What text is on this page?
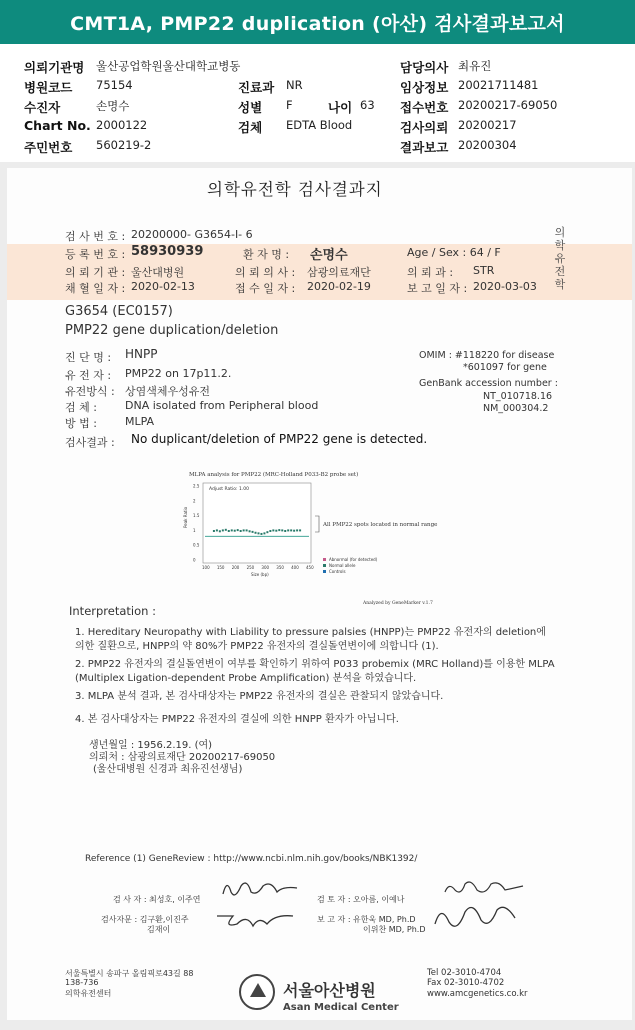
CMT1A, PMP22 duplication (아산) 검사결과보고서
의뢰기관명 울산공업학원울산대학교병동	담당의사 최유진
병원코드 75154	진료과 NR	임상정보 20021711481
수진자	손명수	성별 F	나이 63 접수번호 20200217-69050
Chart No. 2000122	검체 EDTA Blood	검사의뢰 20200217
주민번호 560219-2	결과보고 20200304
의학유전학 검사결과지
의학유전학
검 사 번 호 : 20200000- G3654-I- 6
등 록 번 호 : 58930939	환 자 명 : 손명수	Age / Sex : 64 / F
의 뢰 기 관 : 울산대병원	의 뢰 의 사 : 삼광의료재단	의 뢰 과 : STR
채 혈 일 자 : 2020-02-13	접 수 일 자 : 2020-02-19	보 고 일 자 : 2020-03-03
G3654 (EC0157)
PMP22 gene duplication/deletion
진 단 명 : HNPP
유 전 자 : PMP22 on 17p11.2.
유전방식 : 상염색체우성유전
검 체 :	DNA isolated from Peripheral blood
방 법 :	MLPA
OMIM : #118220 for disease
*601097 for gene
GenBank accession number :
NT_010718.16
NM_000304.2
검사결과 : No duplicant/deletion of PMP22 gene is detected.
MLPA analysis for PMP22 (MRC-Holland P033-B2 probe set)
Adjust Ratio: 1.00
2.5
2
1.5
1
0.5
0
100 150 200 250 300 350 400 450
Peak Ratio
Size (bp)
All PMP22 spots located in normal range
Abnormal (for detected)
Normal allele
Controls
Analyzed by GeneMarker v.1.7
Interpretation :
1. Hereditary Neuropathy with Liability to pressure palsies (HNPP)는 PMP22 유전자의 deletion에 의한 질환으로, HNPP의 약 80%가 PMP22 유전자의 결실돌연변이에 의합니다 (1).
2. PMP22 유전자의 결실돌연변이 여부를 확인하기 위하여 P033 probemix (MRC Holland)를 이용한 MLPA (Multiplex Ligation-dependent Probe Amplification) 분석을 하였습니다.
3. MLPA 분석 결과, 본 검사대상자는 PMP22 유전자의 결실은 관찰되지 않았습니다.
4. 본 검사대상자는 PMP22 유전자의 결실에 의한 HNPP 환자가 아닙니다.
생년월일 : 1956.2.19. (여)
의뢰처 : 삼광의료재단 20200217-69050
(울산대병원 신경과 최유진선생님)
Reference (1) GeneReview : http://www.ncbi.nlm.nih.gov/books/NBK1392/
검 사 자 : 최성호, 이주연	검 토 자 : 오아름, 이예나
검사자문 : 김구환,이진주
김재이
보 고 자 : 유한욱 MD, Ph.D
이위찬 MD, Ph.D
서울특별시 송파구 올림픽로43길 88
138-736
의학유전센터	서울아산병원
Asan Medical Center
Tel 02-3010-4704
Fax 02-3010-4702
www.amcgenetics.co.kr
